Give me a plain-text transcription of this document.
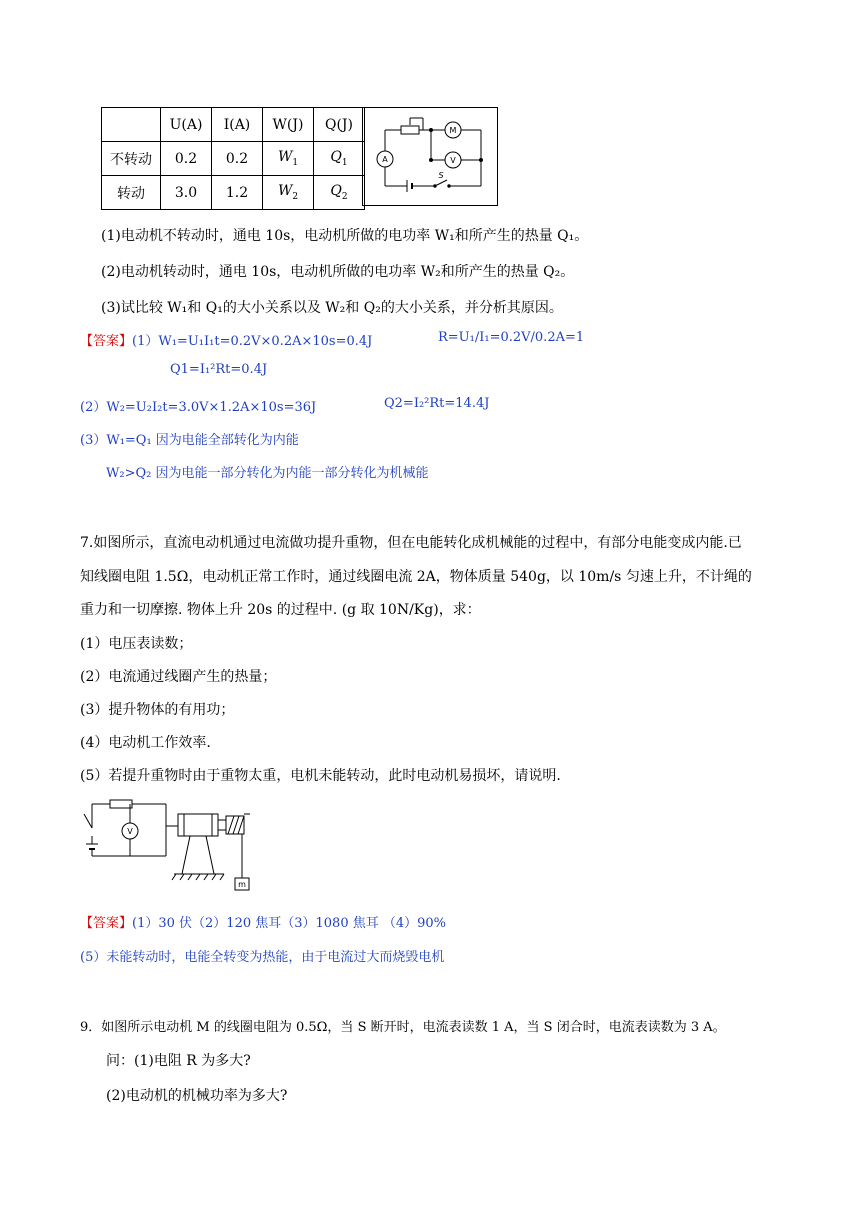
	U(A)	I(A)	W(J)	Q(J)
不转动	0.2	0.2	$W_1$	$Q_1$
转动	3.0	1.2	$W_2$	$Q_2$
A
M
V
S
(1)电动机不转动时，通电 10s，电动机所做的电功率 W₁和所产生的热量 Q₁。
(2)电动机转动时，通电 10s，电动机所做的电功率 W₂和所产生的热量 Q₂。
(3)试比较 W₁和 Q₁的大小关系以及 W₂和 Q₂的大小关系，并分析其原因。
【答案】(1）W₁=U₁I₁t=0.2V×0.2A×10s=0.4J	R=U₁/I₁=0.2V/0.2A=1
Q1=I₁²Rt=0.4J
(2）W₂=U₂I₂t=3.0V×1.2A×10s=36J	Q2=I₂²Rt=14.4J
(3）W₁=Q₁ 因为电能全部转化为内能
W₂>Q₂ 因为电能一部分转化为内能一部分转化为机械能
7.如图所示，直流电动机通过电流做功提升重物，但在电能转化成机械能的过程中，有部分电能变成内能.已
知线圈电阻 1.5Ω，电动机正常工作时，通过线圈电流 2A，物体质量 540g，以 10m/s 匀速上升，不计绳的
重力和一切摩擦. 物体上升 20s 的过程中. (g 取 10N/Kg)，求：
(1）电压表读数；
(2）电流通过线圈产生的热量；
(3）提升物体的有用功；
(4）电动机工作效率.
(5）若提升重物时由于重物太重，电机未能转动，此时电动机易损坏，请说明.
V
m
【答案】(1）30 伏（2）120 焦耳（3）1080 焦耳 （4）90%
(5）未能转动时，电能全转变为热能，由于电流过大而烧毁电机
9．如图所示电动机 M 的线圈电阻为 0.5Ω，当 S 断开时，电流表读数 1 A，当 S 闭合时，电流表读数为 3 A。
问：(1)电阻 R 为多大?
(2)电动机的机械功率为多大?
